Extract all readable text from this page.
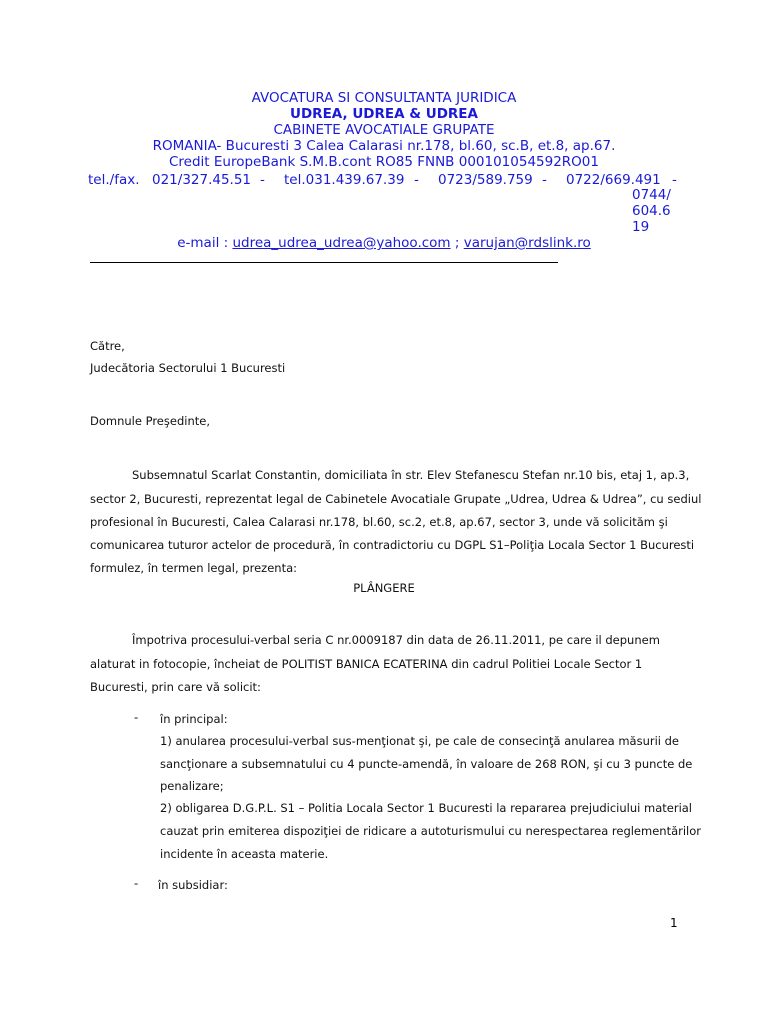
AVOCATURA SI CONSULTANTA JURIDICA
UDREA, UDREA & UDREA
CABINETE AVOCATIALE GRUPATE
ROMANIA- Bucuresti 3 Calea Calarasi nr.178, bl.60, sc.B, et.8, ap.67.
Credit EuropeBank S.M.B.cont RO85 FNNB 000101054592RO01
tel./fax. 021/327.45.51 - tel.031.439.67.39 - 0723/589.759 - 0722/669.491 -
0744/
604.6
19
e-mail : udrea_udrea_udrea@yahoo.com ; varujan@rdslink.ro
Către,
Judecătoria Sectorului 1 Bucuresti
Domnule Preşedinte,
Subsemnatul Scarlat Constantin, domiciliata în str. Elev Stefanescu Stefan nr.10 bis, etaj 1, ap.3,
sector 2, Bucuresti, reprezentat legal de Cabinetele Avocatiale Grupate „Udrea, Udrea & Udrea”, cu sediul
profesional în Bucuresti, Calea Calarasi nr.178, bl.60, sc.2, et.8, ap.67, sector 3, unde vă solicităm şi
comunicarea tuturor actelor de procedură, în contradictoriu cu DGPL S1–Poliţia Locala Sector 1 Bucuresti
formulez, în termen legal, prezenta:
PLÂNGERE
Împotriva procesului-verbal seria C nr.0009187 din data de 26.11.2011, pe care il depunem
alaturat in fotocopie, încheiat de POLITIST BANICA ECATERINA din cadrul Politiei Locale Sector 1
Bucuresti, prin care vă solicit:
- în principal:
1) anularea procesului-verbal sus-menţionat şi, pe cale de consecinţă anularea măsurii de
sancţionare a subsemnatului cu 4 puncte-amendă, în valoare de 268 RON, şi cu 3 puncte de
penalizare;
2) obligarea D.G.P.L. S1 – Politia Locala Sector 1 Bucuresti la repararea prejudiciului material
cauzat prin emiterea dispoziţiei de ridicare a autoturismului cu nerespectarea reglementărilor
incidente în aceasta materie.
- în subsidiar:
1
